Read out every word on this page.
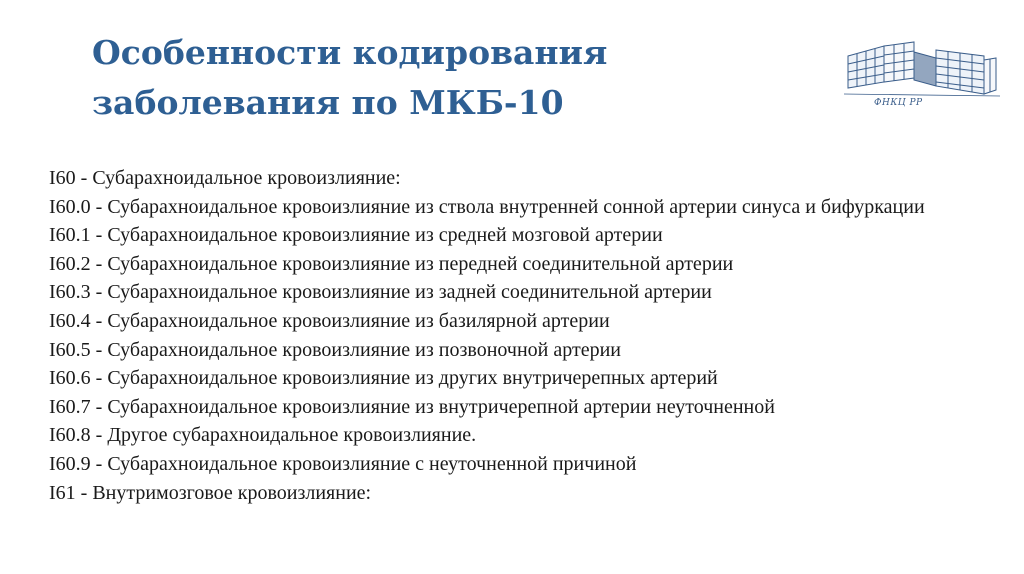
Особенности кодирования
заболевания по МКБ-10	ФНКЦ РР
I60 - Субарахноидальное кровоизлияние:
I60.0 - Субарахноидальное кровоизлияние из ствола внутренней сонной артерии синуса и бифуркации
I60.1 - Субарахноидальное кровоизлияние из средней мозговой артерии
I60.2 - Субарахноидальное кровоизлияние из передней соединительной артерии
I60.3 - Субарахноидальное кровоизлияние из задней соединительной артерии
I60.4 - Субарахноидальное кровоизлияние из базилярной артерии
I60.5 - Субарахноидальное кровоизлияние из позвоночной артерии
I60.6 - Субарахноидальное кровоизлияние из других внутричерепных артерий
I60.7 - Субарахноидальное кровоизлияние из внутричерепной артерии неуточненной
I60.8 - Другое субарахноидальное кровоизлияние.
I60.9 - Субарахноидальное кровоизлияние с неуточненной причиной
I61 - Внутримозговое кровоизлияние:
